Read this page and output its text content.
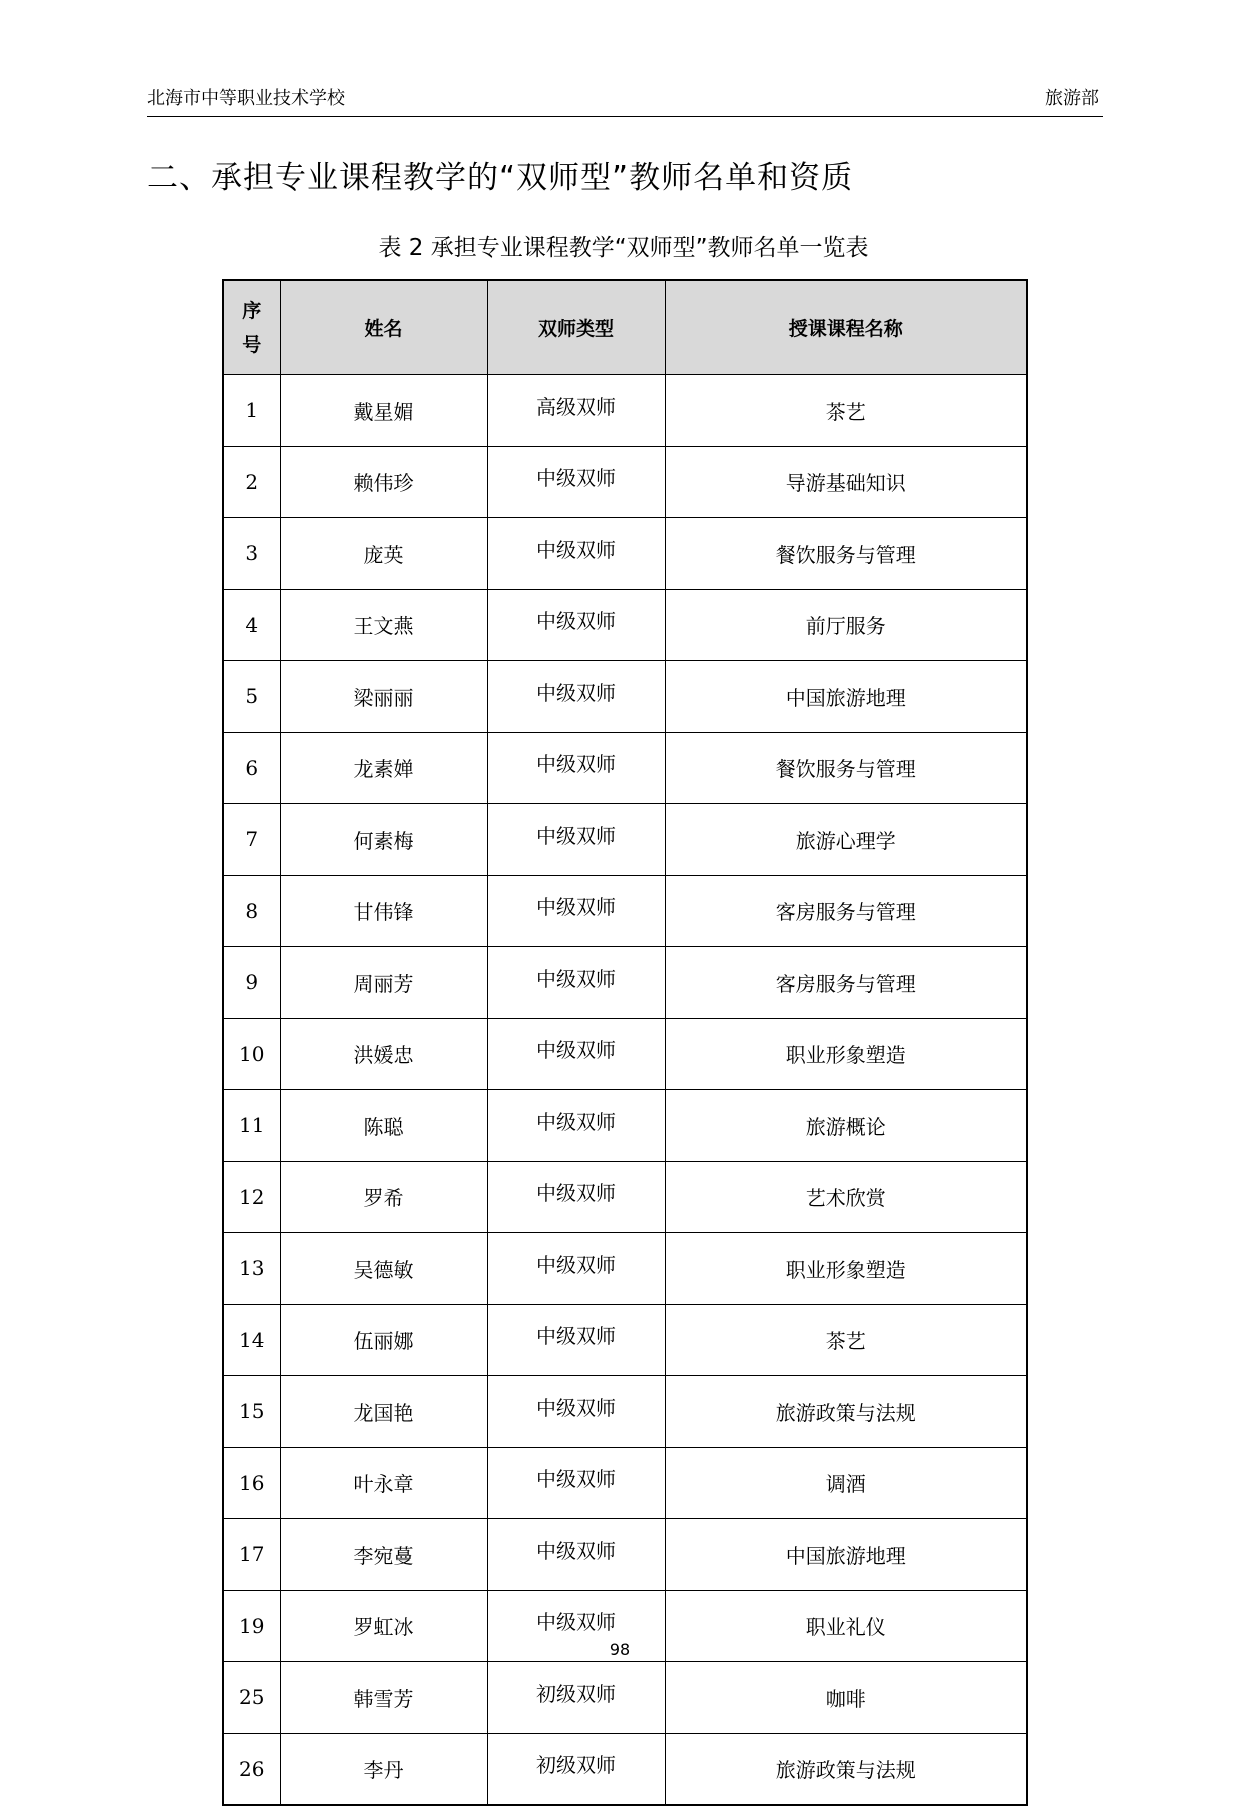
北海市中等职业技术学校	旅游部
二、承担专业课程教学的“双师型”教师名单和资质
表 2 承担专业课程教学“双师型”教师名单一览表
序
号	姓名	双师类型	授课课程名称
1	戴星媚	高级双师	茶艺
2	赖伟珍	中级双师	导游基础知识
3	庞英	中级双师	餐饮服务与管理
4	王文燕	中级双师	前厅服务
5	梁丽丽	中级双师	中国旅游地理
6	龙素婵	中级双师	餐饮服务与管理
7	何素梅	中级双师	旅游心理学
8	甘伟锋	中级双师	客房服务与管理
9	周丽芳	中级双师	客房服务与管理
10	洪媛忠	中级双师	职业形象塑造
11	陈聪	中级双师	旅游概论
12	罗希	中级双师	艺术欣赏
13	吴德敏	中级双师	职业形象塑造
14	伍丽娜	中级双师	茶艺
15	龙国艳	中级双师	旅游政策与法规
16	叶永章	中级双师	调酒
17	李宛蔓	中级双师	中国旅游地理
19	罗虹冰	中级双师	职业礼仪
25	韩雪芳	初级双师	咖啡
26	李丹	初级双师	旅游政策与法规
98
